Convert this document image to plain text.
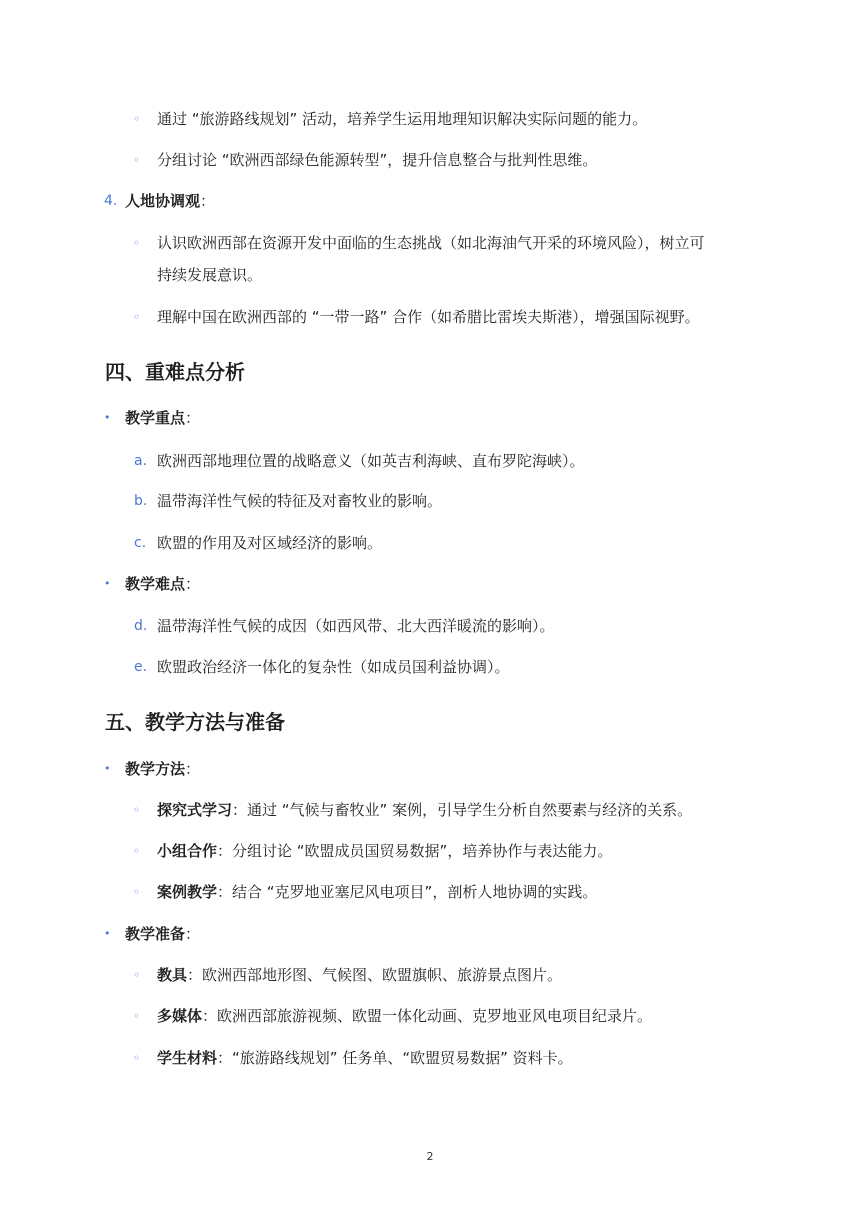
◦ 通过 “旅游路线规划” 活动，培养学生运用地理知识解决实际问题的能力。
◦ 分组讨论 “欧洲西部绿色能源转型”，提升信息整合与批判性思维。
4. 人地协调观：
◦ 认识欧洲西部在资源开发中面临的生态挑战（如北海油气开采的环境风险），树立可
持续发展意识。
◦ 理解中国在欧洲西部的 “一带一路” 合作（如希腊比雷埃夫斯港），增强国际视野。
四、重难点分析
• 教学重点：
a. 欧洲西部地理位置的战略意义（如英吉利海峡、直布罗陀海峡）。
b. 温带海洋性气候的特征及对畜牧业的影响。
c. 欧盟的作用及对区域经济的影响。
• 教学难点：
d. 温带海洋性气候的成因（如西风带、北大西洋暖流的影响）。
e. 欧盟政治经济一体化的复杂性（如成员国利益协调）。
五、教学方法与准备
• 教学方法：
◦ 探究式学习：通过 “气候与畜牧业” 案例，引导学生分析自然要素与经济的关系。
◦ 小组合作：分组讨论 “欧盟成员国贸易数据”，培养协作与表达能力。
◦ 案例教学：结合 “克罗地亚塞尼风电项目”，剖析人地协调的实践。
• 教学准备：
◦ 教具：欧洲西部地形图、气候图、欧盟旗帜、旅游景点图片。
◦ 多媒体：欧洲西部旅游视频、欧盟一体化动画、克罗地亚风电项目纪录片。
◦ 学生材料：“旅游路线规划” 任务单、“欧盟贸易数据” 资料卡。
2
